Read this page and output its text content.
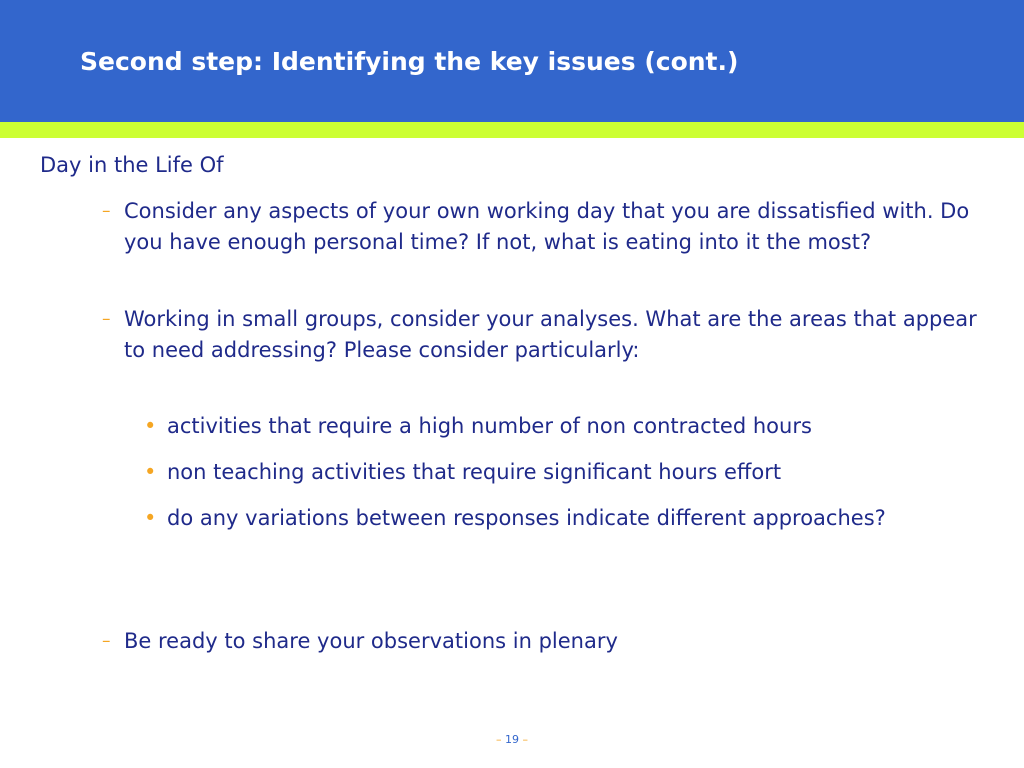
Second step: Identifying the key issues (cont.)
Day in the Life Of
– Consider any aspects of your own working day that you are dissatisfied with. Do you have enough personal time? If not, what is eating into it the most?
– Working in small groups, consider your analyses. What are the areas that appear to need addressing? Please consider particularly:
• activities that require a high number of non contracted hours
• non teaching activities that require significant hours effort
• do any variations between responses indicate different approaches?
– Be ready to share your observations in plenary
– 19 –
